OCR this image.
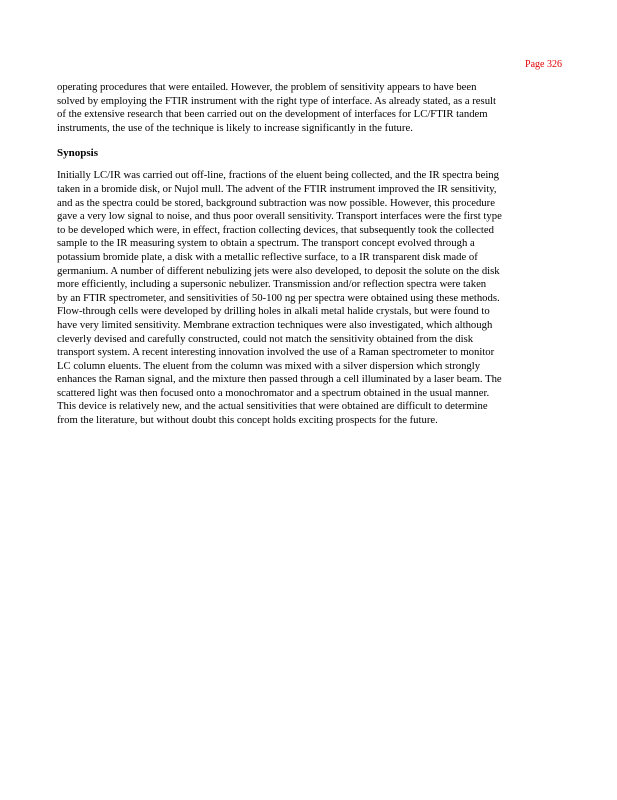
Page 326

operating procedures that were entailed. However, the problem of sensitivity appears to have been
solved by employing the FTIR instrument with the right type of interface. As already stated, as a result
of the extensive research that been carried out on the development of interfaces for LC/FTIR tandem
instruments, the use of the technique is likely to increase significantly in the future.

Synopsis

Initially LC/IR was carried out off-line, fractions of the eluent being collected, and the IR spectra being
taken in a bromide disk, or Nujol mull. The advent of the FTIR instrument improved the IR sensitivity,
and as the spectra could be stored, background subtraction was now possible. However, this procedure
gave a very low signal to noise, and thus poor overall sensitivity. Transport interfaces were the first type
to be developed which were, in effect, fraction collecting devices, that subsequently took the collected
sample to the IR measuring system to obtain a spectrum. The transport concept evolved through a
potassium bromide plate, a disk with a metallic reflective surface, to a IR transparent disk made of
germanium. A number of different nebulizing jets were also developed, to deposit the solute on the disk
more efficiently, including a supersonic nebulizer. Transmission and/or reflection spectra were taken
by an FTIR spectrometer, and sensitivities of 50-100 ng per spectra were obtained using these methods.
Flow-through cells were developed by drilling holes in alkali metal halide crystals, but were found to
have very limited sensitivity. Membrane extraction techniques were also investigated, which although
cleverly devised and carefully constructed, could not match the sensitivity obtained from the disk
transport system. A recent interesting innovation involved the use of a Raman spectrometer to monitor
LC column eluents. The eluent from the column was mixed with a silver dispersion which strongly
enhances the Raman signal, and the mixture then passed through a cell illuminated by a laser beam. The
scattered light was then focused onto a monochromator and a spectrum obtained in the usual manner.
This device is relatively new, and the actual sensitivities that were obtained are difficult to determine
from the literature, but without doubt this concept holds exciting prospects for the future.
